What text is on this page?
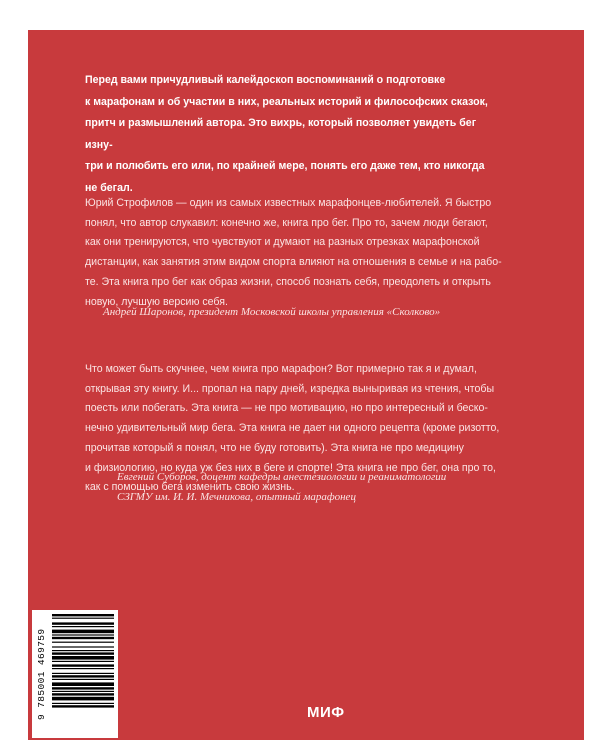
Перед вами причудливый калейдоскоп воспоминаний о подготовке
к марафонам и об участии в них, реальных историй и философских сказок,
притч и размышлений автора. Это вихрь, который позволяет увидеть бег изну-
три и полюбить его или, по крайней мере, понять его даже тем, кто никогда
не бегал.
Юрий Строфилов — один из самых известных марафонцев-любителей. Я быстро
понял, что автор слукавил: конечно же, книга про бег. Про то, зачем люди бегают,
как они тренируются, что чувствуют и думают на разных отрезках марафонской
дистанции, как занятия этим видом спорта влияют на отношения в семье и на рабо-
те. Эта книга про бег как образ жизни, способ познать себя, преодолеть и открыть
новую, лучшую версию себя.
Андрей Шаронов, президент Московской школы управления «Сколково»
Что может быть скучнее, чем книга про марафон? Вот примерно так я и думал,
открывая эту книгу. И... пропал на пару дней, изредка выныривая из чтения, чтобы
поесть или побегать. Эта книга — не про мотивацию, но про интересный и беско-
нечно удивительный мир бега. Эта книга не дает ни одного рецепта (кроме ризотто,
прочитав который я понял, что не буду готовить). Эта книга не про медицину
и физиологию, но куда уж без них в беге и спорте! Эта книга не про бег, она про то,
как с помощью бега изменить свою жизнь.
Евгений Суборов, доцент кафедры анестезиологии и реаниматологии
СЗГМУ им. И. И. Мечникова, опытный марафонец
9 785001 469759	МИФ
